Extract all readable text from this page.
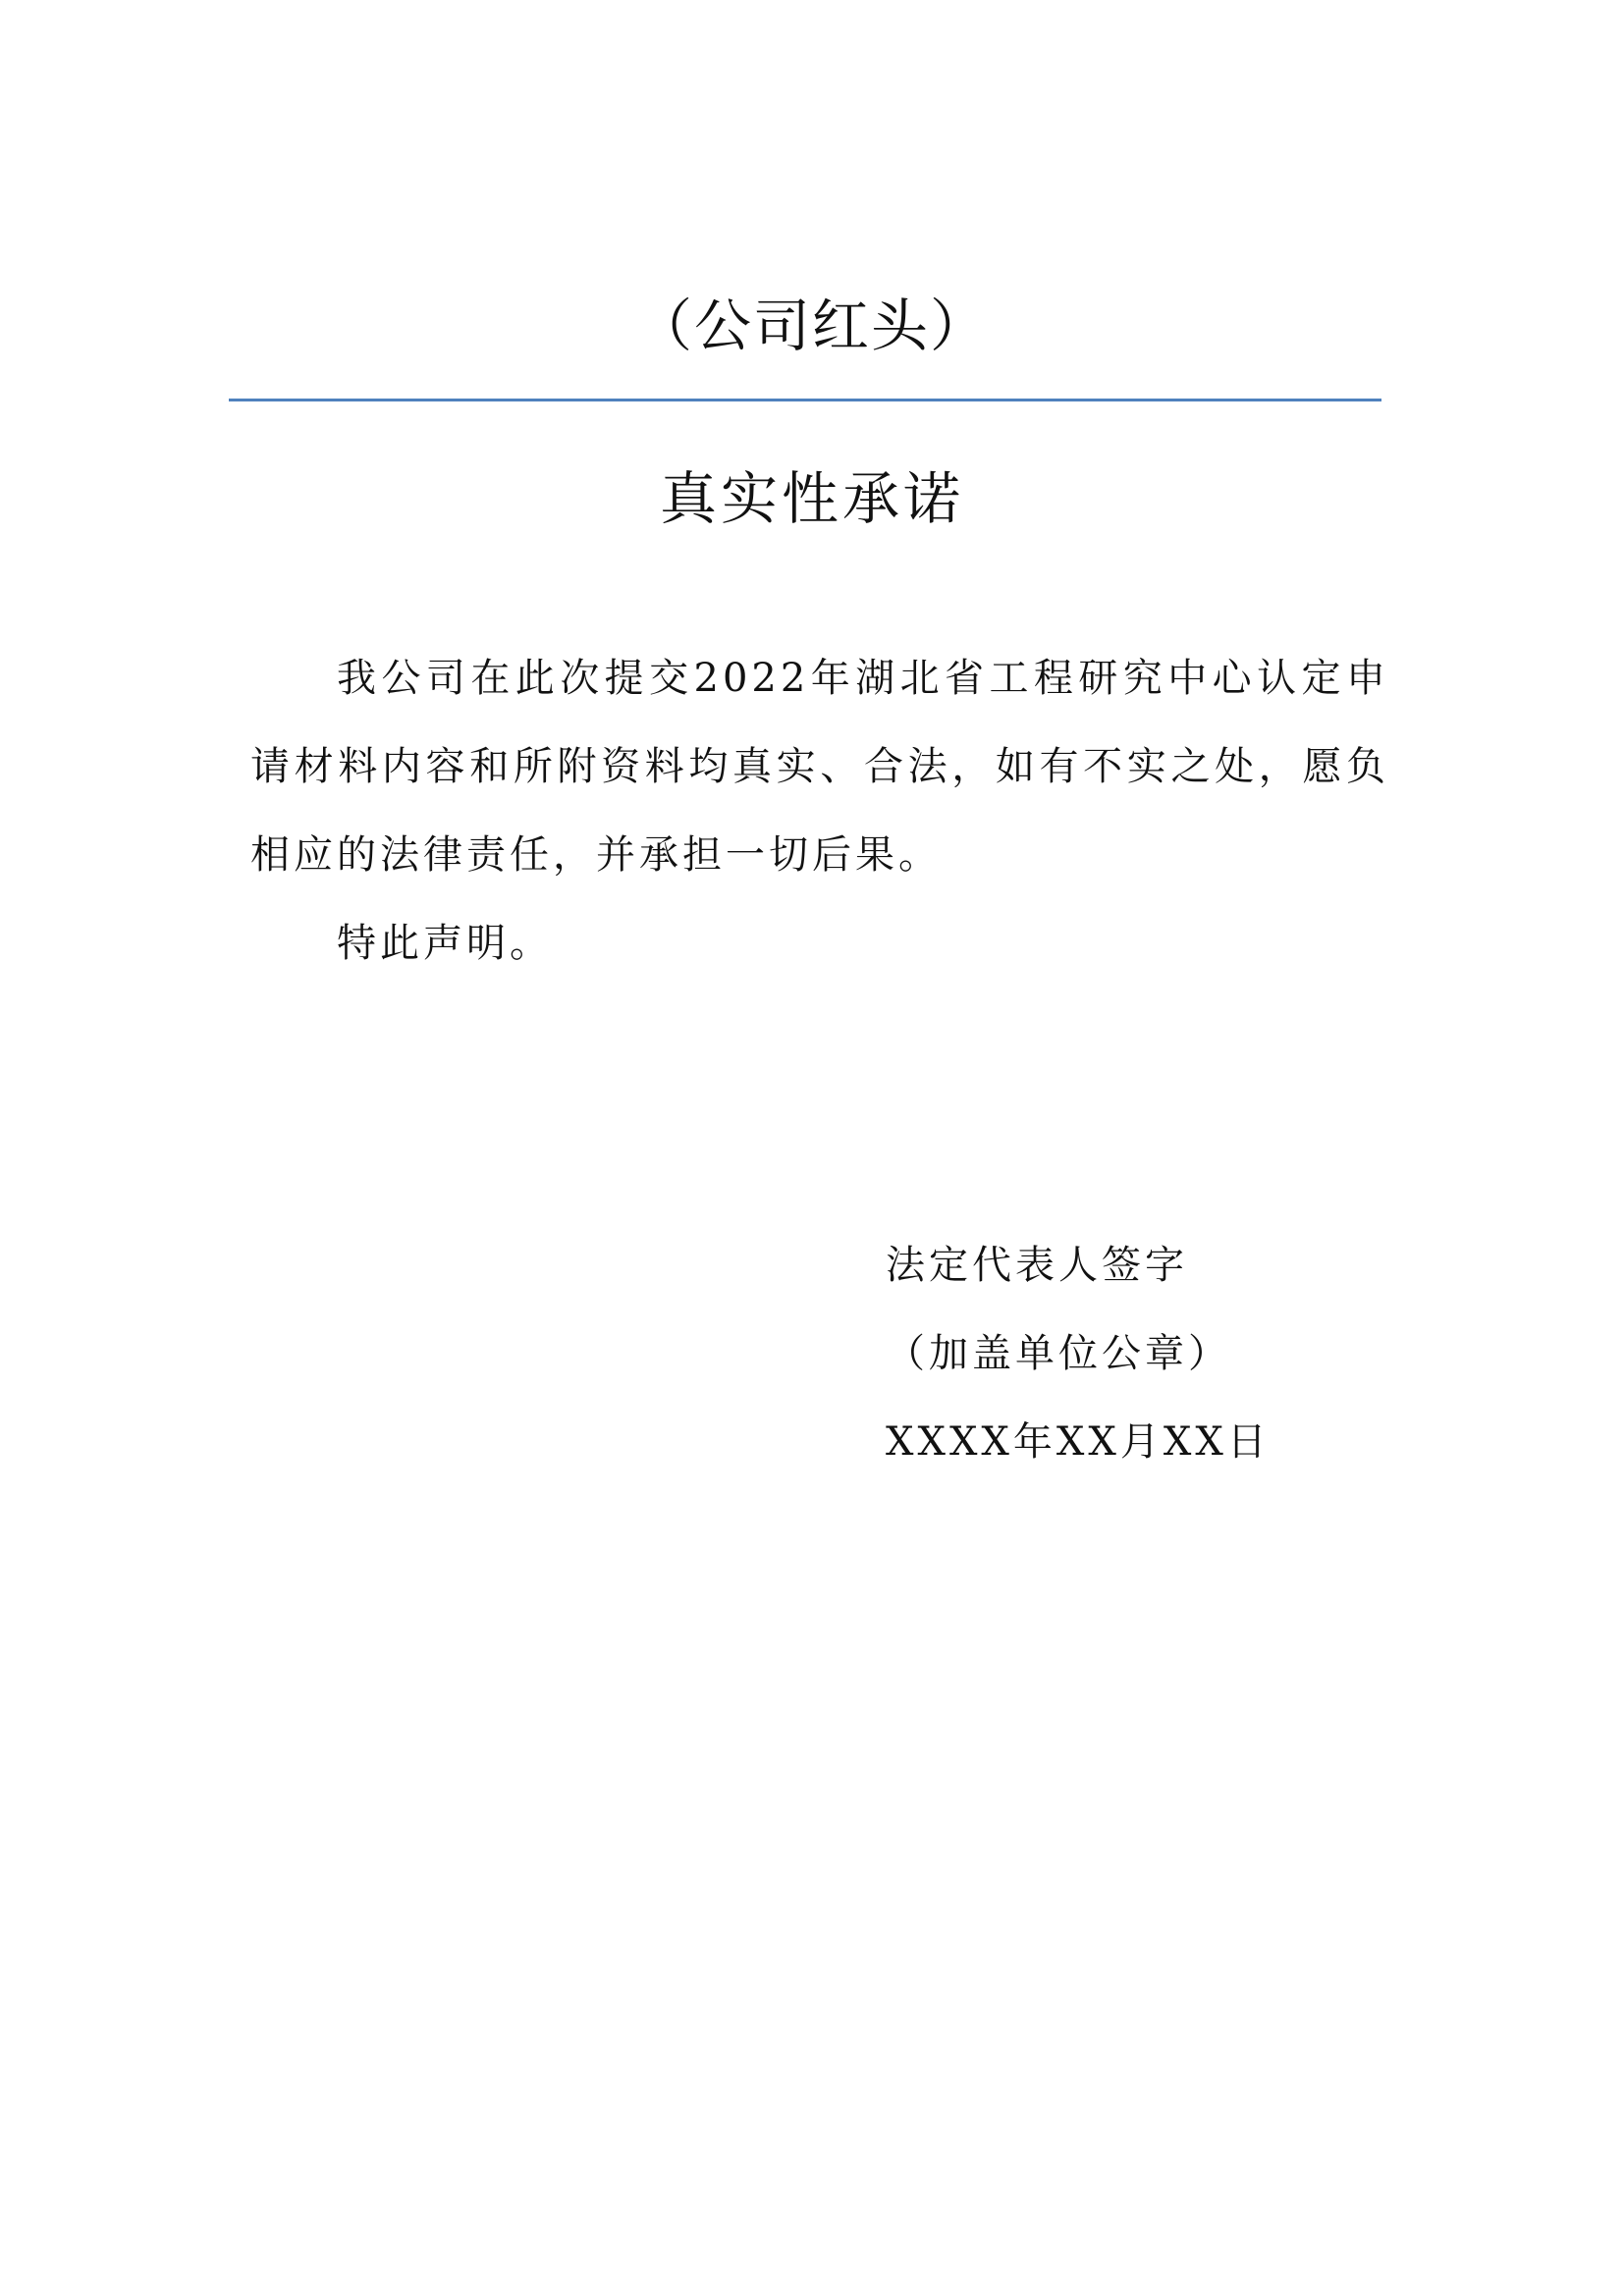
（公司红头）
真实性承诺

我公司在此次提交2022年湖北省工程研究中心认定申请材料内容和所附资料均真实、合法，如有不实之处，愿负相应的法律责任，并承担一切后果。

特此声明。

法定代表人签字
（加盖单位公章）
XXXX年XX月XX日
